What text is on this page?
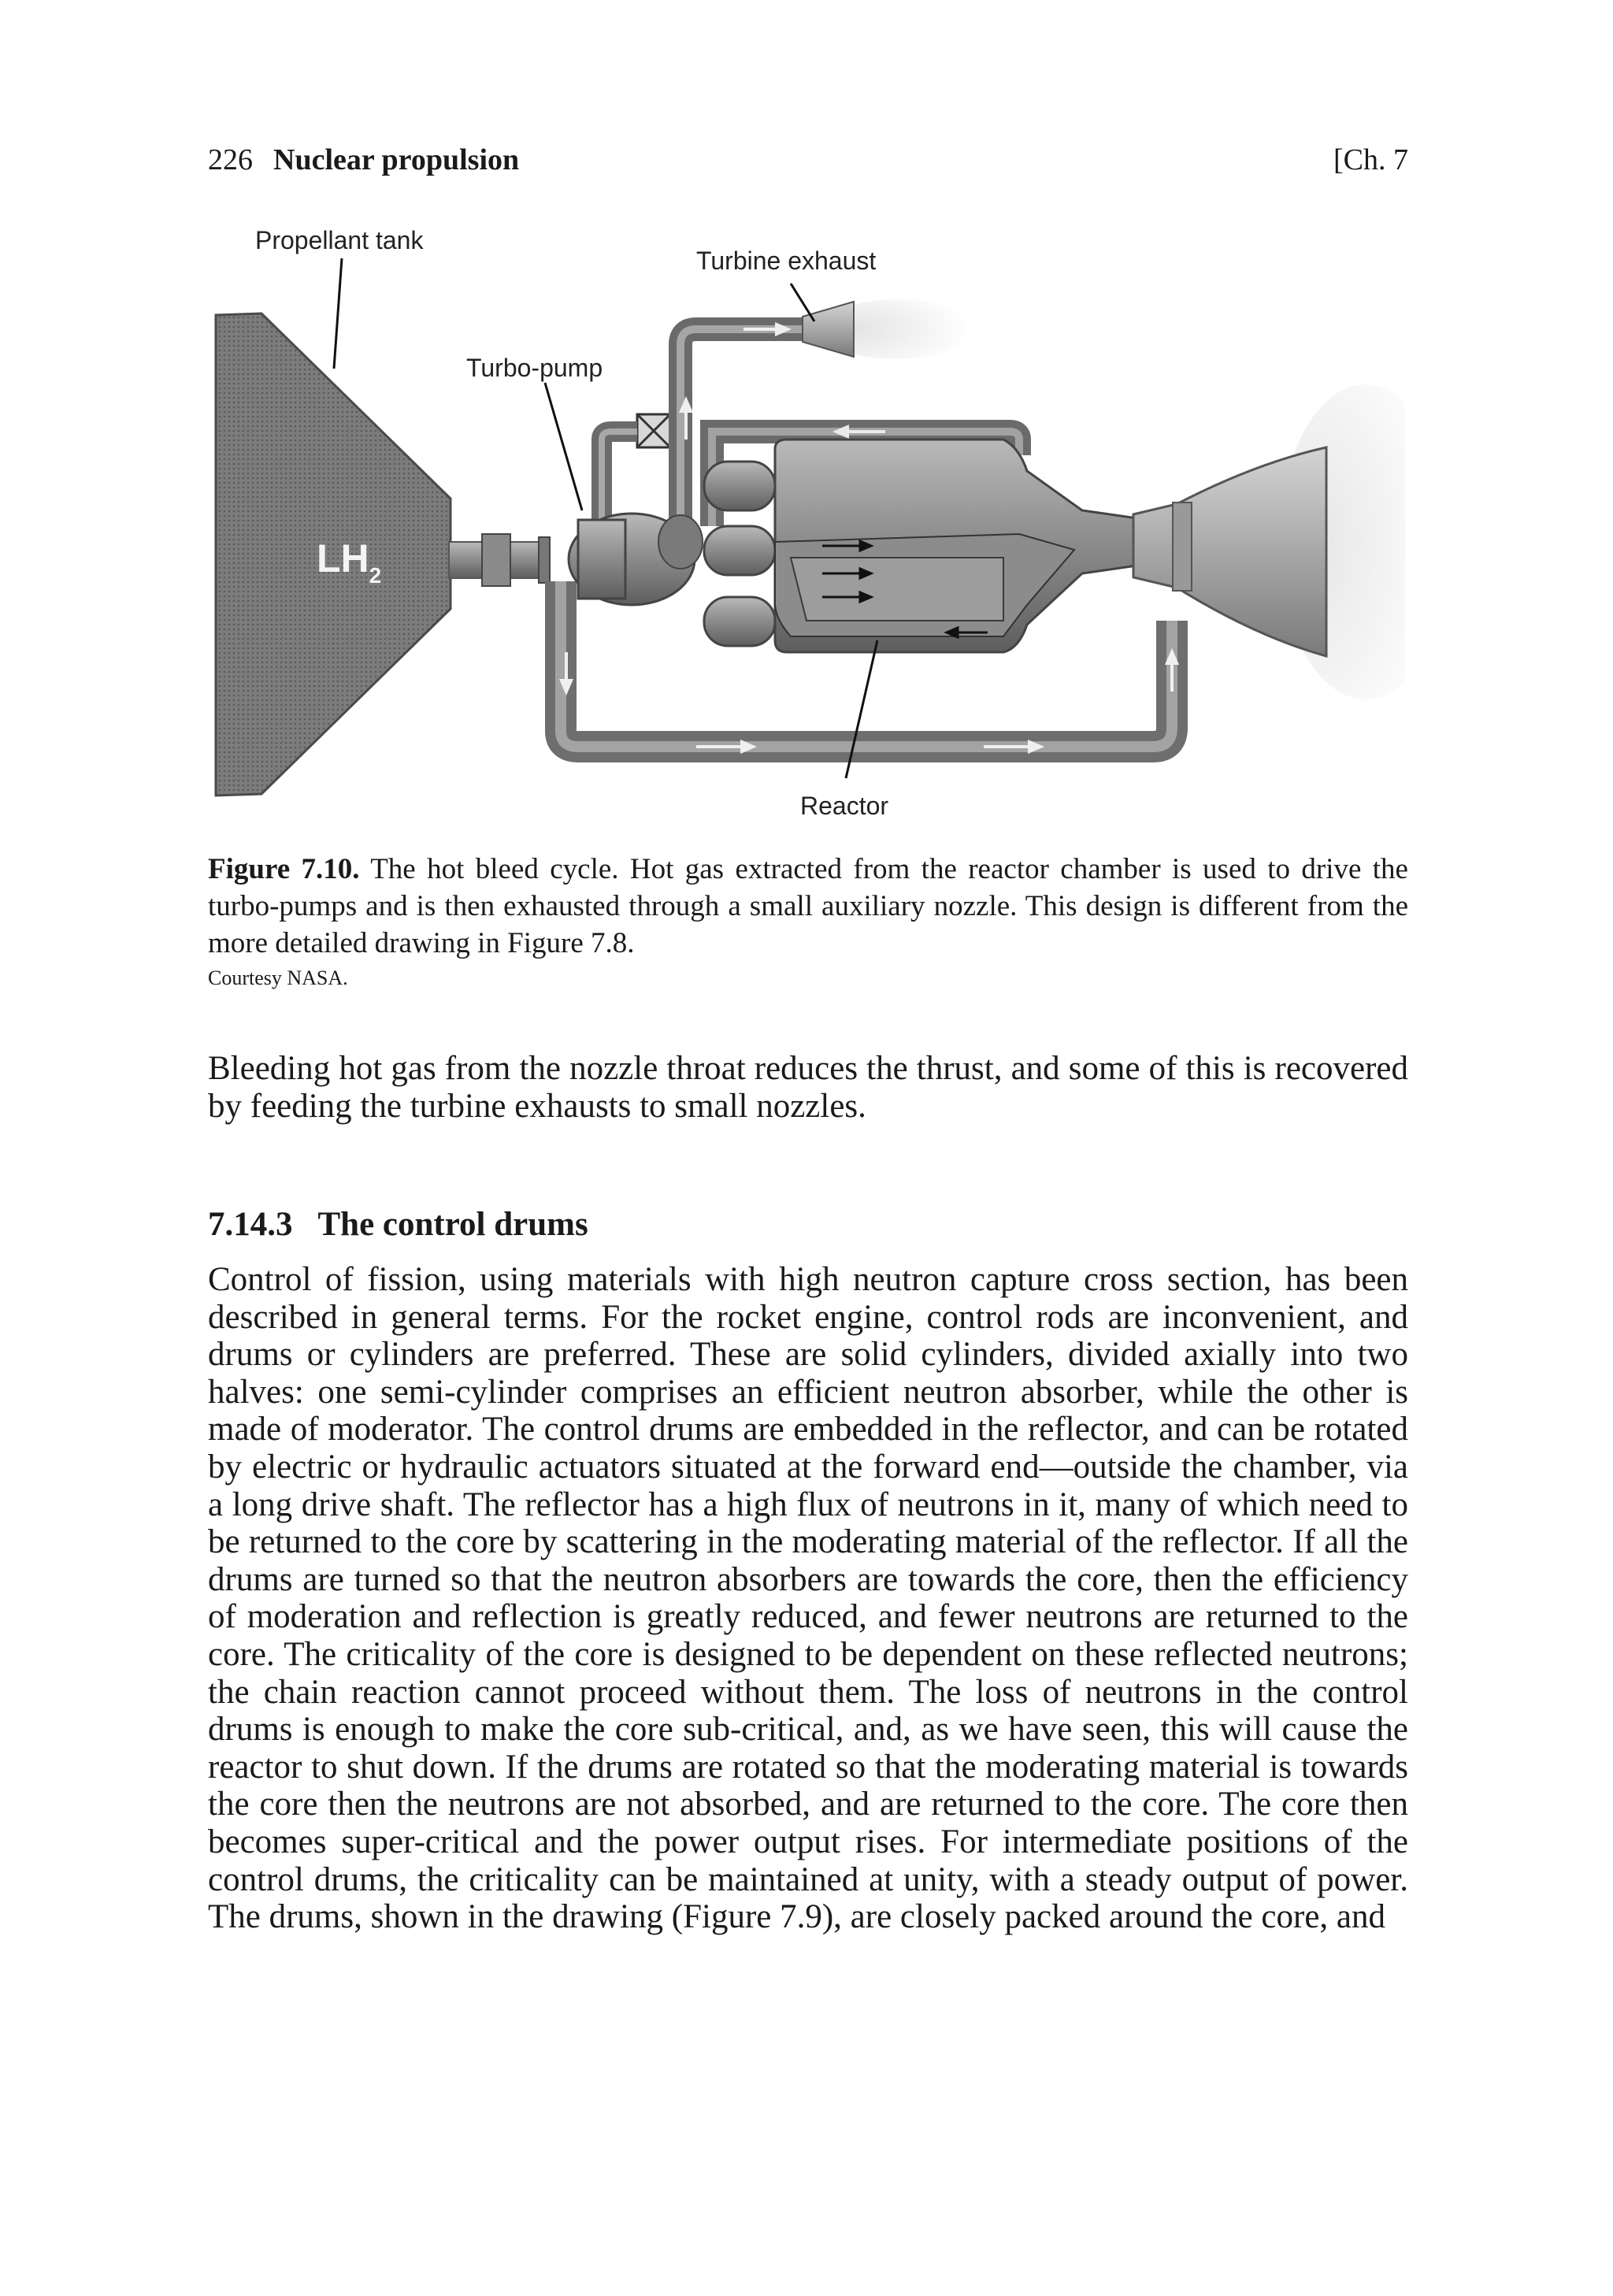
226 Nuclear propulsion	[Ch. 7
$LH_2$
Propellant tank
Turbine exhaust
Turbo-pump
Reactor
Figure 7.10. The hot bleed cycle. Hot gas extracted from the reactor chamber is used to drive the turbo-pumps and is then exhausted through a small auxiliary nozzle. This design is different from the more detailed drawing in Figure 7.8.
Courtesy NASA.
Bleeding hot gas from the nozzle throat reduces the thrust, and some of this is recovered by feeding the turbine exhausts to small nozzles.
7.14.3 The control drums
Control of fission, using materials with high neutron capture cross section, has been described in general terms. For the rocket engine, control rods are inconvenient, and drums or cylinders are preferred. These are solid cylinders, divided axially into two halves: one semi-cylinder comprises an efficient neutron absorber, while the other is made of moderator. The control drums are embedded in the reflector, and can be rotated by electric or hydraulic actuators situated at the forward end—outside the chamber, via a long drive shaft. The reflector has a high flux of neutrons in it, many of which need to be returned to the core by scattering in the moderating material of the reflector. If all the drums are turned so that the neutron absorbers are towards the core, then the efficiency of moderation and reflection is greatly reduced, and fewer neutrons are returned to the core. The criticality of the core is designed to be dependent on these reflected neutrons; the chain reaction cannot proceed without them. The loss of neutrons in the control drums is enough to make the core sub-critical, and, as we have seen, this will cause the reactor to shut down. If the drums are rotated so that the moderating material is towards the core then the neutrons are not absorbed, and are returned to the core. The core then becomes super-critical and the power output rises. For intermediate positions of the control drums, the criticality can be maintained at unity, with a steady output of power. The drums, shown in the drawing (Figure 7.9), are closely packed around the core, and
